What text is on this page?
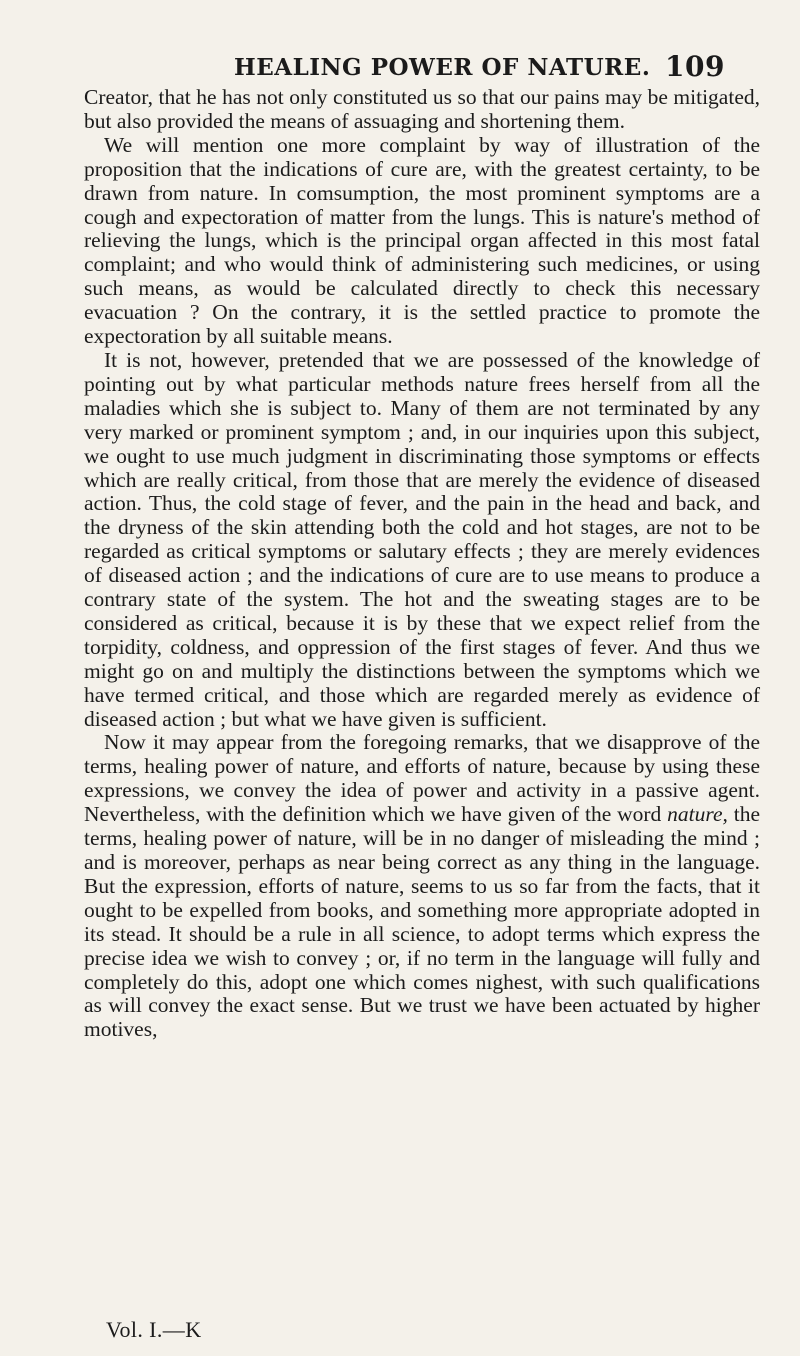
HEALING POWER OF NATURE. 109

Creator, that he has not only constituted us so that our pains may be mitigated, but also provided the means of assuaging and shortening them.

We will mention one more complaint by way of illustration of the proposition that the indications of cure are, with the greatest certainty, to be drawn from nature. In comsumption, the most prominent symptoms are a cough and expectoration of matter from the lungs. This is nature's method of relieving the lungs, which is the principal organ affected in this most fatal complaint; and who would think of administering such medicines, or using such means, as would be calculated directly to check this necessary evacuation ? On the contrary, it is the settled practice to promote the expectoration by all suitable means.

It is not, however, pretended that we are possessed of the knowledge of pointing out by what particular methods nature frees herself from all the maladies which she is subject to. Many of them are not terminated by any very marked or prominent symptom ; and, in our inquiries upon this subject, we ought to use much judgment in discriminating those symptoms or effects which are really critical, from those that are merely the evidence of diseased action. Thus, the cold stage of fever, and the pain in the head and back, and the dryness of the skin attending both the cold and hot stages, are not to be regarded as critical symptoms or salutary effects ; they are merely evidences of diseased action ; and the indications of cure are to use means to produce a contrary state of the system. The hot and the sweating stages are to be considered as critical, because it is by these that we expect relief from the torpidity, coldness, and oppression of the first stages of fever. And thus we might go on and multiply the distinctions between the symptoms which we have termed critical, and those which are regarded merely as evidence of diseased action ; but what we have given is sufficient.

Now it may appear from the foregoing remarks, that we disapprove of the terms, healing power of nature, and efforts of nature, because by using these expressions, we convey the idea of power and activity in a passive agent. Nevertheless, with the definition which we have given of the word nature, the terms, healing power of nature, will be in no danger of misleading the mind ; and is moreover, perhaps as near being correct as any thing in the language. But the expression, efforts of nature, seems to us so far from the facts, that it ought to be expelled from books, and something more appropriate adopted in its stead. It should be a rule in all science, to adopt terms which express the precise idea we wish to convey ; or, if no term in the language will fully and completely do this, adopt one which comes nighest, with such qualifications as will convey the exact sense. But we trust we have been actuated by higher motives,

Vol. I.—K
